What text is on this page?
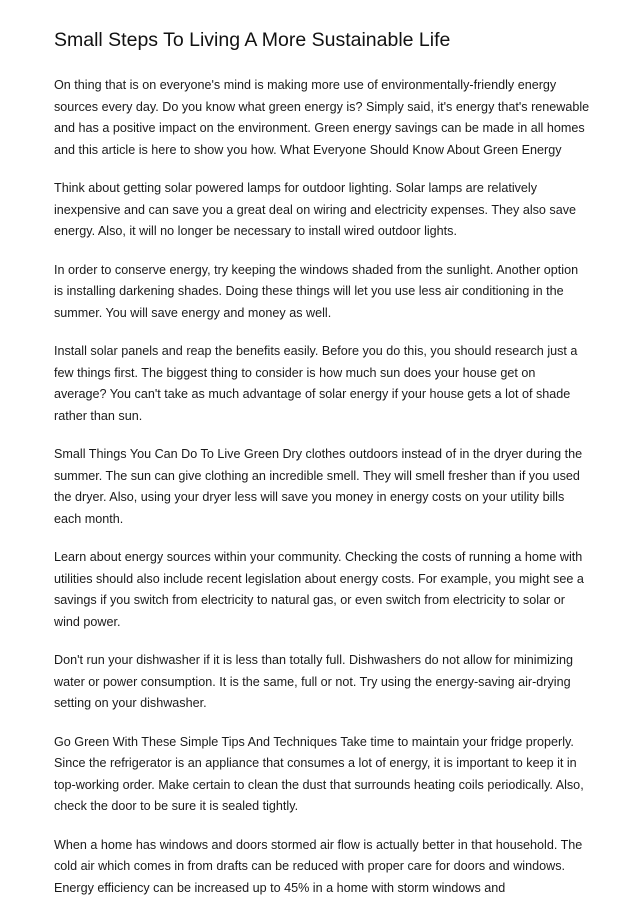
Small Steps To Living A More Sustainable Life

On thing that is on everyone's mind is making more use of environmentally-friendly energy sources every day. Do you know what green energy is? Simply said, it's energy that's renewable and has a positive impact on the environment. Green energy savings can be made in all homes and this article is here to show you how. What Everyone Should Know About Green Energy

Think about getting solar powered lamps for outdoor lighting. Solar lamps are relatively inexpensive and can save you a great deal on wiring and electricity expenses. They also save energy. Also, it will no longer be necessary to install wired outdoor lights.

In order to conserve energy, try keeping the windows shaded from the sunlight. Another option is installing darkening shades. Doing these things will let you use less air conditioning in the summer. You will save energy and money as well.

Install solar panels and reap the benefits easily. Before you do this, you should research just a few things first. The biggest thing to consider is how much sun does your house get on average? You can't take as much advantage of solar energy if your house gets a lot of shade rather than sun.

Small Things You Can Do To Live Green Dry clothes outdoors instead of in the dryer during the summer. The sun can give clothing an incredible smell. They will smell fresher than if you used the dryer. Also, using your dryer less will save you money in energy costs on your utility bills each month.

Learn about energy sources within your community. Checking the costs of running a home with utilities should also include recent legislation about energy costs. For example, you might see a savings if you switch from electricity to natural gas, or even switch from electricity to solar or wind power.

Don't run your dishwasher if it is less than totally full. Dishwashers do not allow for minimizing water or power consumption. It is the same, full or not. Try using the energy-saving air-drying setting on your dishwasher.

Go Green With These Simple Tips And Techniques Take time to maintain your fridge properly. Since the refrigerator is an appliance that consumes a lot of energy, it is important to keep it in top-working order. Make certain to clean the dust that surrounds heating coils periodically. Also, check the door to be sure it is sealed tightly.

When a home has windows and doors stormed air flow is actually better in that household. The cold air which comes in from drafts can be reduced with proper care for doors and windows. Energy efficiency can be increased up to 45% in a home with storm windows and
